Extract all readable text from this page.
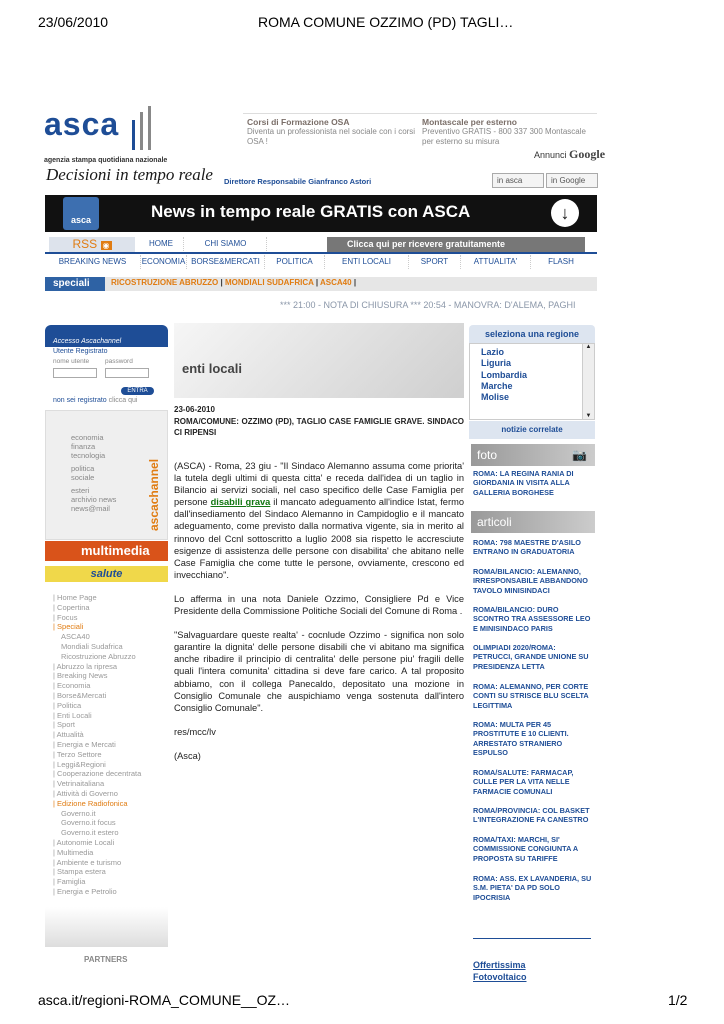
23/06/2010	ROMA COMUNE OZZIMO (PD) TAGLI…
asca
agenzia stampa quotidiana nazionale
Decisioni in tempo reale
Corsi di Formazione OSA
Diventa un professionista nel sociale con i corsi OSA !
Montascale per esterno
Preventivo GRATIS - 800 337 300 Montascale per esterno su misura
Annunci Google
Direttore Responsabile Gianfranco Astori	in asca	in Google
asca	News in tempo reale GRATIS con ASCA	↓
RSS ◉	HOME	CHI SIAMO	Clicca qui per ricevere gratuitamente
BREAKING NEWS	ECONOMIA BORSE&MERCATI	POLITICA	ENTI LOCALI	SPORT	ATTUALITA'	FLASH
speciali	RICOSTRUZIONE ABRUZZO | MONDIALI SUDAFRICA | ASCA40 |
*** 21:00 - NOTA DI CHIUSURA *** 20:54 - MANOVRA: D'ALEMA, PAGHI
Accesso Ascachannel
Utente Registrato
nome utente password
ENTRA
non sei registrato clicca qui
economia
finanza
tecnologia
politica
sociale
esteri
archivio news
news@mail	ascachannel
multimedia
salute
| Home Page
| Copertina
| Focus
| Speciali
ASCA40
Mondiali Sudafrica
Ricostruzione Abruzzo
| Abruzzo la ripresa
| Breaking News
| Economia
| Borse&Mercati
| Politica
| Enti Locali
| Sport
| Attualità
| Energia e Mercati
| Terzo Settore
| Leggi&Regioni
| Cooperazione decentrata
| Vetrinaitaliana
| Attività di Governo
| Edizione Radiofonica
Governo.it
Governo.it focus
Governo.it estero
| Autonomie Locali
| Multimedia
| Ambiente e turismo
| Stampa estera
| Famiglia
| Energia e Petrolio
PARTNERS
enti locali
23-06-2010
ROMA/COMUNE: OZZIMO (PD), TAGLIO CASE FAMIGLIE GRAVE. SINDACO CI RIPENSI

(ASCA) - Roma, 23 giu - "Il Sindaco Alemanno assuma come priorita' la tutela degli ultimi di questa citta' e receda dall'idea di un taglio in Bilancio ai servizi sociali, nel caso specifico delle Case Famiglia per persone disabili grava il mancato adeguamento all'indice Istat, fermo dall'insediamento del Sindaco Alemanno in Campidoglio e il mancato adeguamento, come previsto dalla normativa vigente, sia in merito al rinnovo del Ccnl sottoscritto a luglio 2008 sia rispetto le accresciute esigenze di assistenza delle persone con disabilita' che abitano nelle Case Famiglia che come tutte le persone, ovviamente, crescono ed invecchiano".

Lo afferma in una nota Daniele Ozzimo, Consigliere Pd e Vice Presidente della Commissione Politiche Sociali del Comune di Roma .

"Salvaguardare queste realta' - cocnlude Ozzimo - significa non solo garantire la dignita' delle persone disabili che vi abitano ma significa anche ribadire il principio di centralita' delle persone piu' fragili delle quali l'intera comunita' cittadina si deve fare carico. A tal proposito abbiamo, con il collega Panecaldo, depositato una mozione in Consiglio Comunale che auspichiamo venga sostenuta dall'intero Consiglio Comunale".

res/mcc/lv

(Asca)

seleziona una regione
Lazio
Liguria
Lombardia
Marche
Molise
▲
▼
notizie correlate
foto	📷
ROMA: LA REGINA RANIA DI GIORDANIA IN VISITA ALLA GALLERIA BORGHESE
articoli
ROMA: 798 MAESTRE D'ASILO ENTRANO IN GRADUATORIA
ROMA/BILANCIO: ALEMANNO, IRRESPONSABILE ABBANDONO TAVOLO MINISINDACI
ROMA/BILANCIO: DURO SCONTRO TRA ASSESSORE LEO E MINISINDACO PARIS
OLIMPIADI 2020/ROMA: PETRUCCI, GRANDE UNIONE SU PRESIDENZA LETTA
ROMA: ALEMANNO, PER CORTE CONTI SU STRISCE BLU SCELTA LEGITTIMA
ROMA: MULTA PER 45 PROSTITUTE E 10 CLIENTI. ARRESTATO STRANIERO ESPULSO
ROMA/SALUTE: FARMACAP, CULLE PER LA VITA NELLE FARMACIE COMUNALI
ROMA/PROVINCIA: COL BASKET L'INTEGRAZIONE FA CANESTRO
ROMA/TAXI: MARCHI, SI' COMMISSIONE CONGIUNTA A PROPOSTA SU TARIFFE
ROMA: ASS. EX LAVANDERIA, SU S.M. PIETA' DA PD SOLO IPOCRISIA
Offertissima
Fotovoltaico
asca.it/regioni-ROMA_COMUNE__OZ…	1/2
